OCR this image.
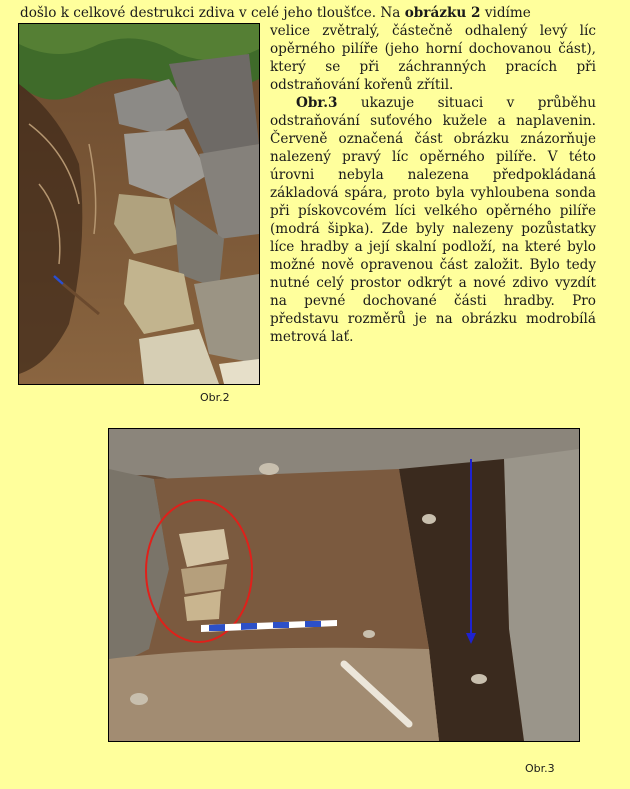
došlo k celkové destrukci zdiva v celé jeho tloušťce. Na obrázku 2 vidíme
Obr.2

velice zvětralý, částečně odhalený levý líc opěrného pilíře (jeho horní dochovanou část), který se při záchranných pracích při odstraňování kořenů zřítil.

Obr.3 ukazuje situaci v průběhu odstraňování suťového kužele a naplavenin. Červeně označená část obrázku znázorňuje nalezený pravý líc opěrného pilíře. V této úrovni nebyla nalezena předpokládaná základová spára, proto byla vyhloubena sonda při pískovcovém líci velkého opěrného pilíře (modrá šipka). Zde byly nalezeny pozůstatky líce hradby a její skalní podloží, na které bylo možné nově opravenou část založit. Bylo tedy nutné celý prostor odkrýt a nové zdivo vyzdít na pevné dochované části hradby. Pro představu rozměrů je na obrázku modrobílá metrová lať.

Obr.3
